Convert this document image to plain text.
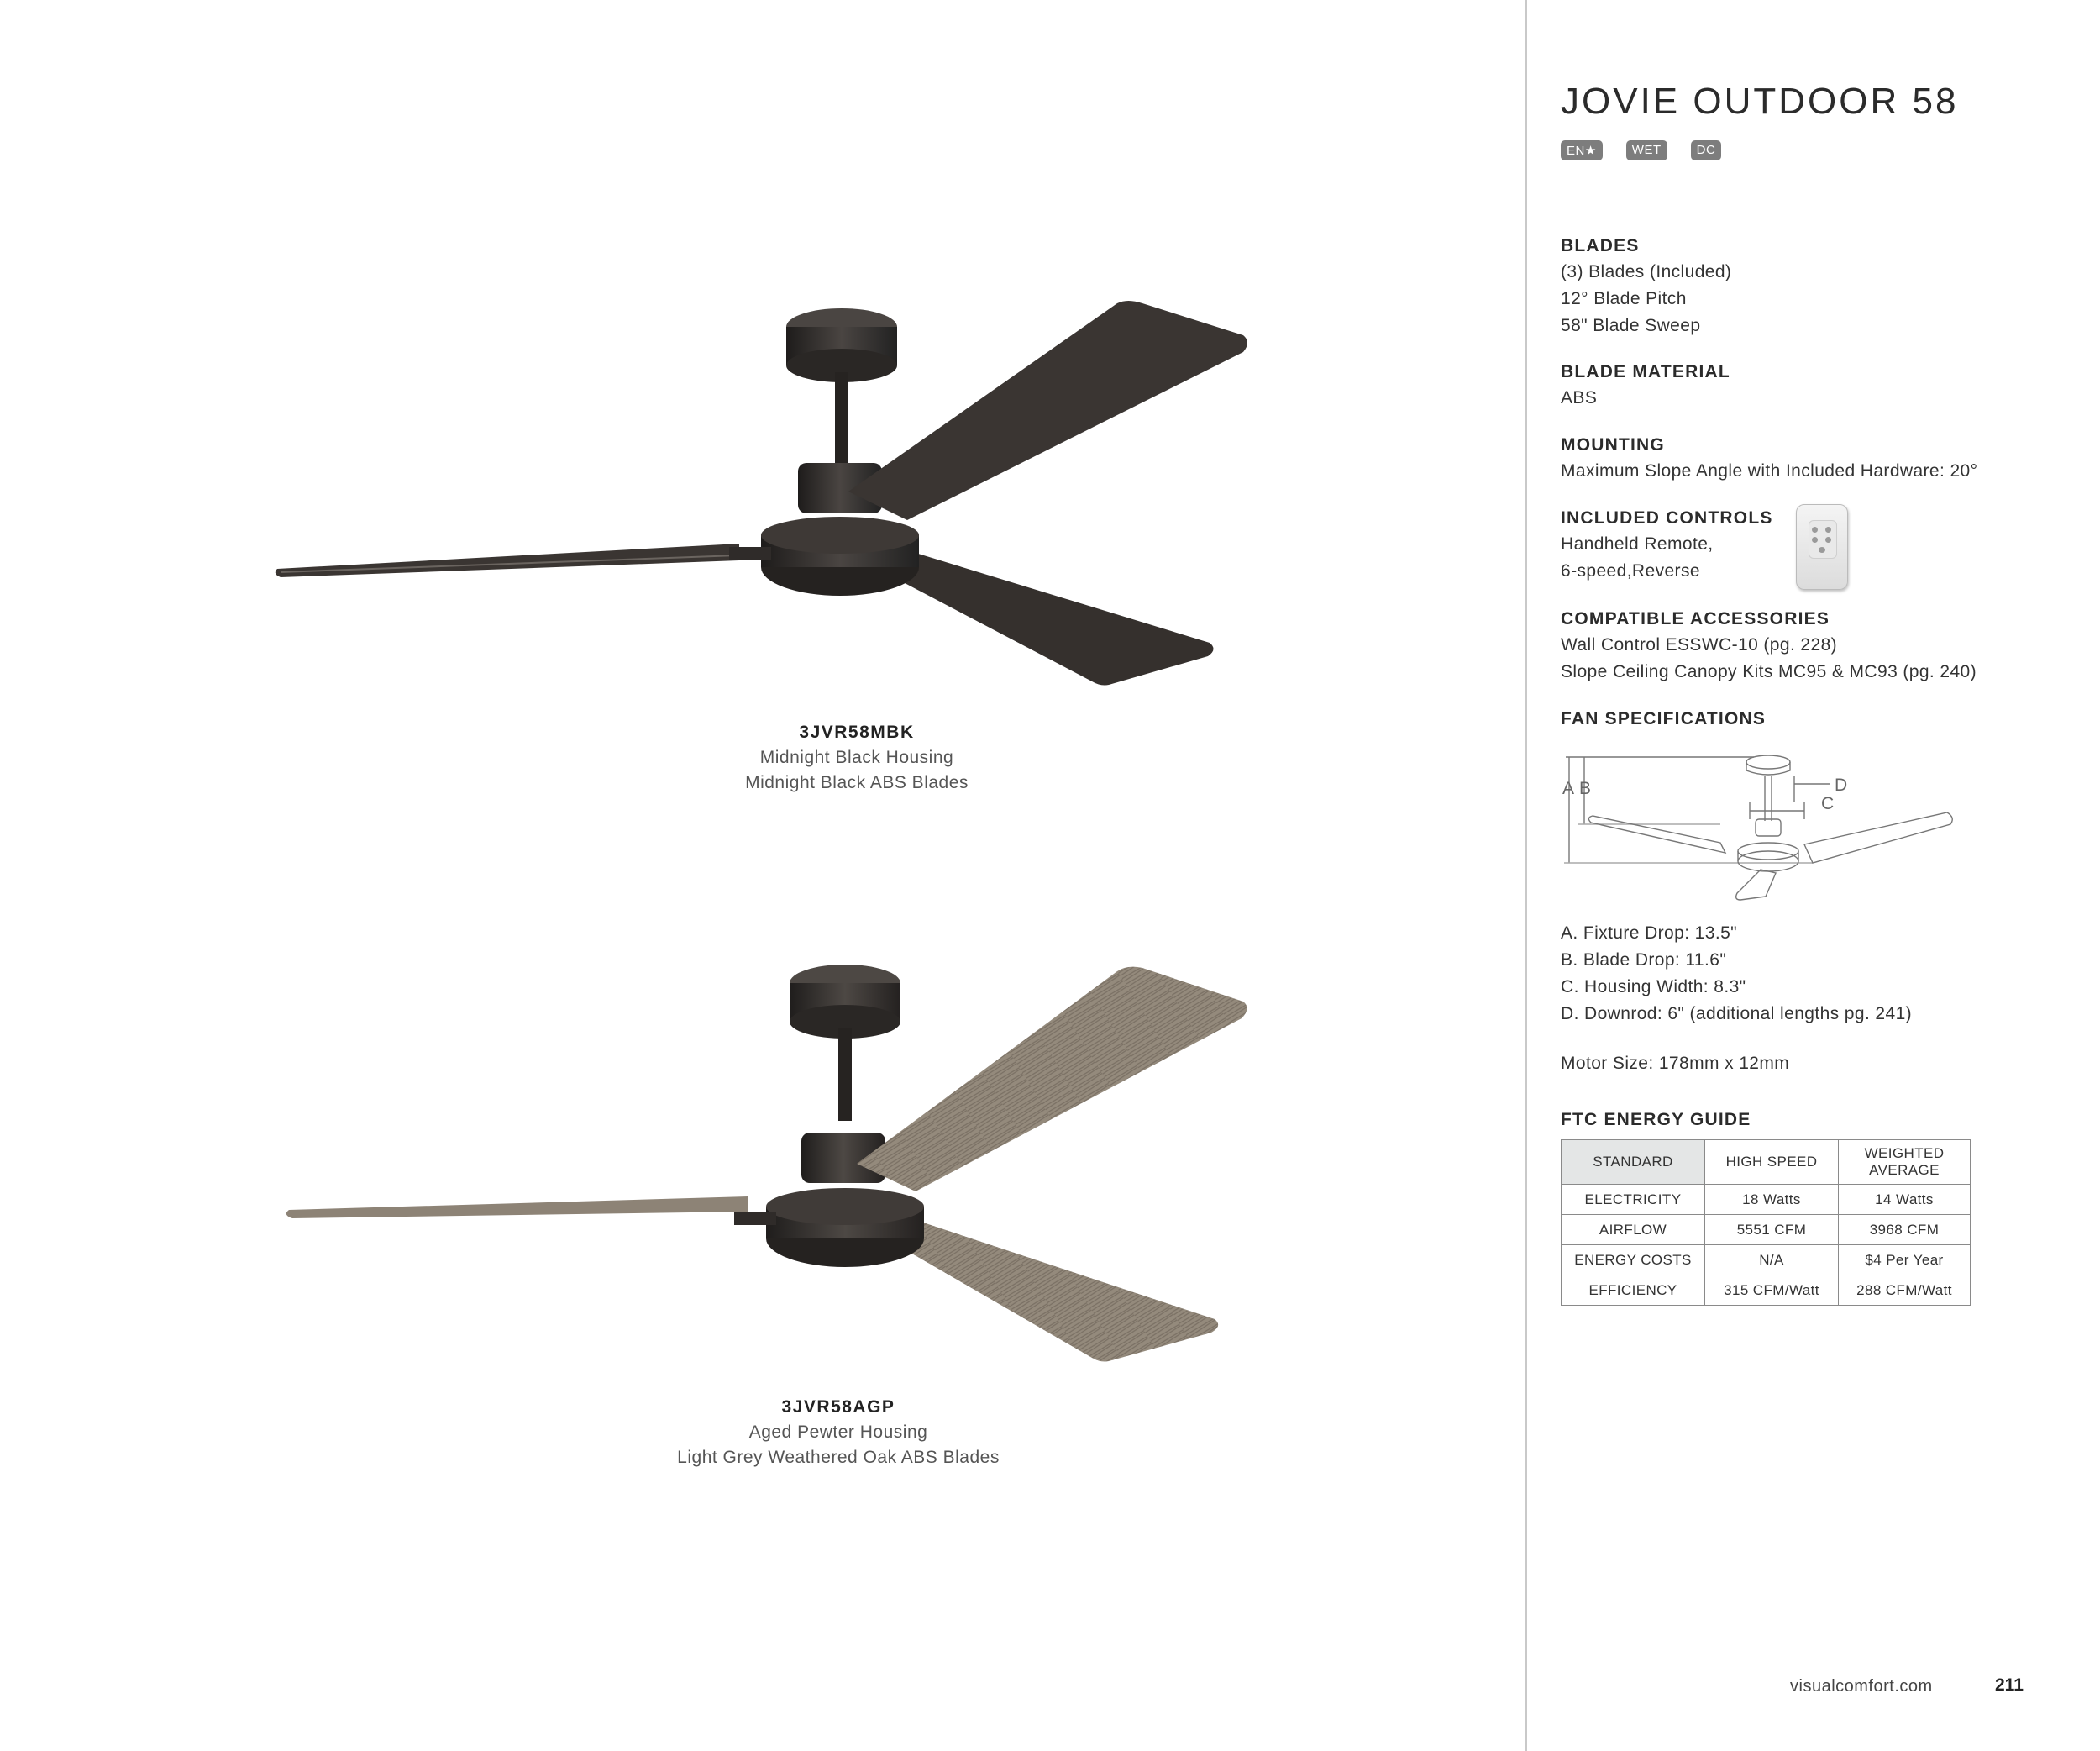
3JVR58MBK
Midnight Black Housing
Midnight Black ABS Blades
3JVR58AGP
Aged Pewter Housing
Light Grey Weathered Oak ABS Blades
JOVIE OUTDOOR 58
EN★	WET	DC
BLADES
(3) Blades (Included)
12° Blade Pitch
58" Blade Sweep
BLADE MATERIAL
ABS
MOUNTING
Maximum Slope Angle with Included Hardware: 20°
INCLUDED CONTROLS
Handheld Remote,
6-speed,Reverse
COMPATIBLE ACCESSORIES
Wall Control ESSWC-10 (pg. 228)
Slope Ceiling Canopy Kits MC95 & MC93 (pg. 240)
FAN SPECIFICATIONS
A B
C
D
A. Fixture Drop: 13.5"
B. Blade Drop: 11.6"
C. Housing Width: 8.3"
D. Downrod: 6" (additional lengths pg. 241)
Motor Size: 178mm x 12mm
FTC ENERGY GUIDE
STANDARD	HIGH SPEED	WEIGHTED AVERAGE
ELECTRICITY	18 Watts	14 Watts
AIRFLOW	5551 CFM	3968 CFM
ENERGY COSTS	N/A	$4 Per Year
EFFICIENCY	315 CFM/Watt	288 CFM/Watt
visualcomfort.com	211
